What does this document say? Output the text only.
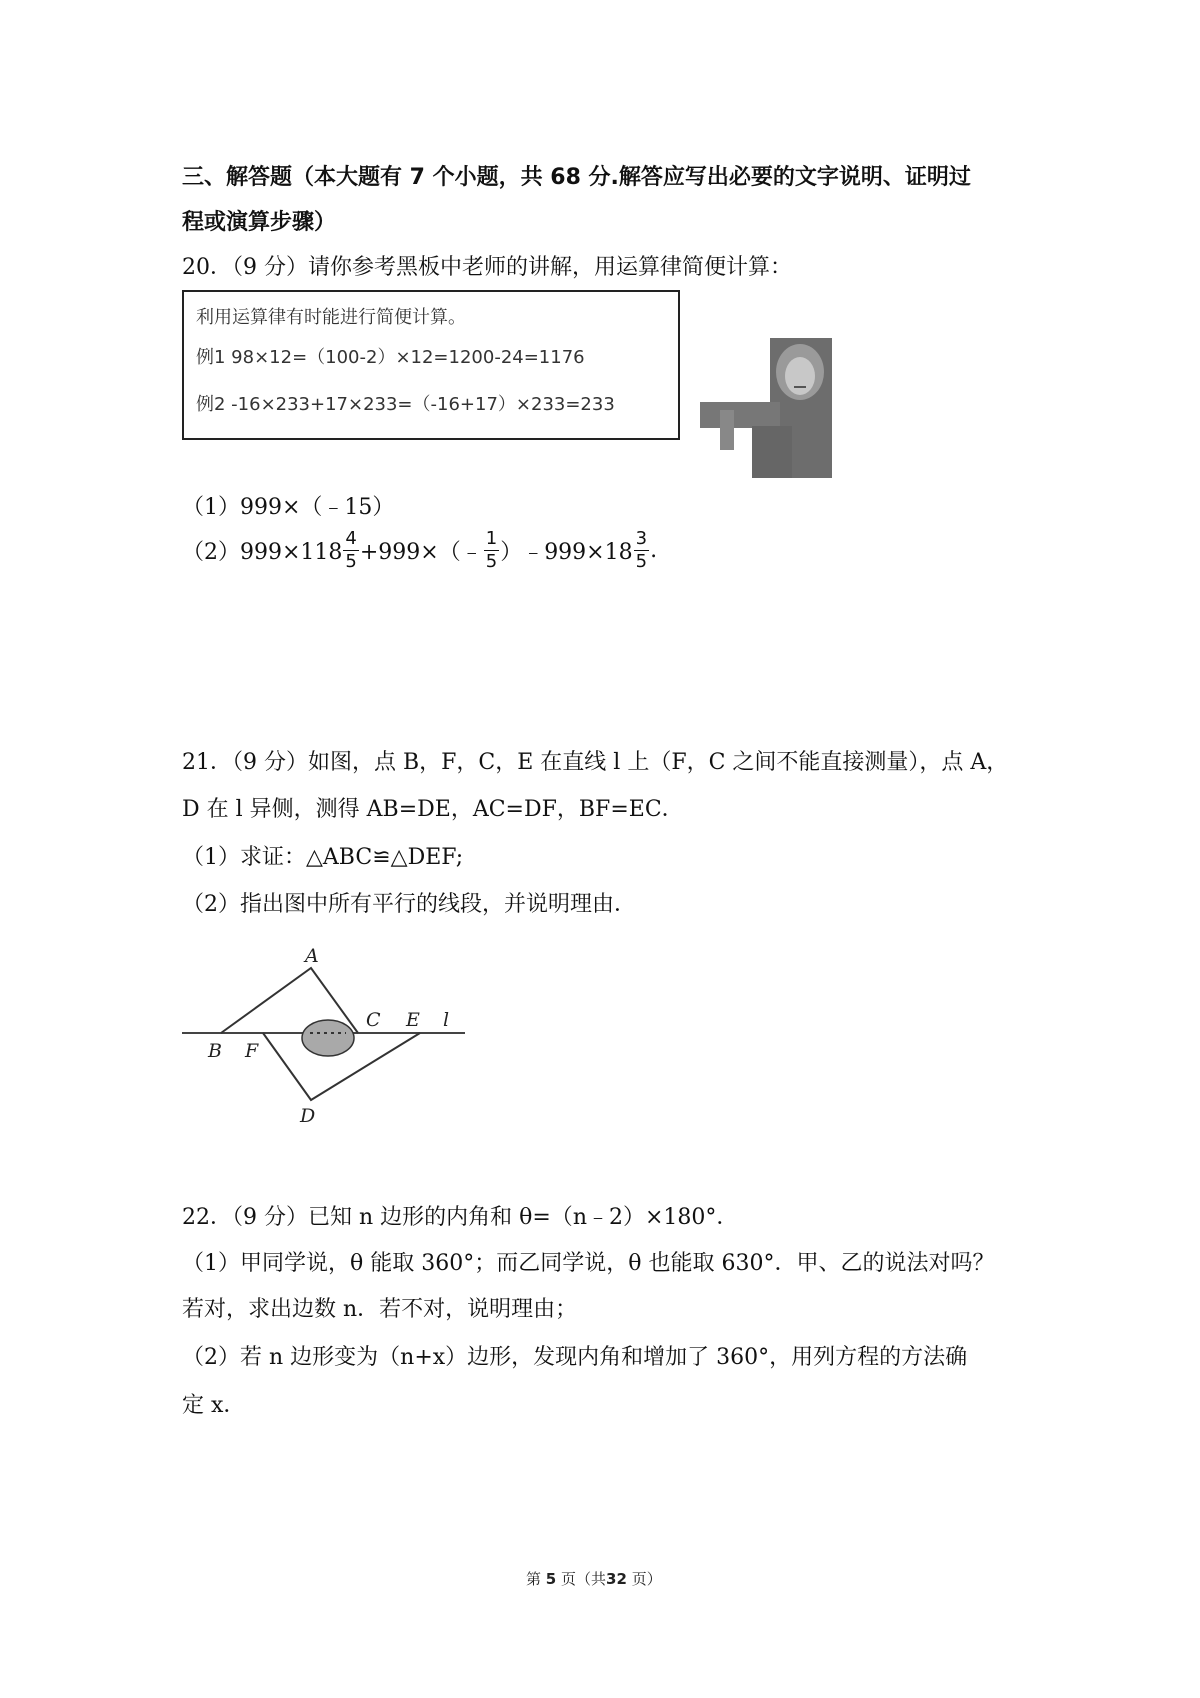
三、解答题（本大题有 7 个小题，共 68 分.解答应写出必要的文字说明、证明过
程或演算步骤）
20．（9 分）请你参考黑板中老师的讲解，用运算律简便计算：
利用运算律有时能进行简便计算。
例1 98×12=（100-2）×12=1200-24=1176
例2 -16×233+17×233=（-16+17）×233=233
（1）999×（﹣15）
$(2)999\times 118 \frac{4}{5}$ +999×（﹣ $\frac{1}{5}$ ）﹣999×18 $\frac{3}{5}$ .
21．（9 分）如图，点 B，F，C，E 在直线 l 上（F，C 之间不能直接测量），点 A，
D 在 l 异侧，测得 AB=DE，AC=DF，BF=EC．
（1）求证：△ABC≌△DEF;
（2）指出图中所有平行的线段，并说明理由．
A
B F
C E l
D
22．（9 分）已知 n 边形的内角和 θ=（n﹣2）×180°．
（1）甲同学说，θ 能取 360°；而乙同学说，θ 也能取 630°．甲、乙的说法对吗？
若对，求出边数 n．若不对，说明理由；
（2）若 n 边形变为（n+x）边形，发现内角和增加了 360°，用列方程的方法确
定 x．
第 5 页（共32 页）
